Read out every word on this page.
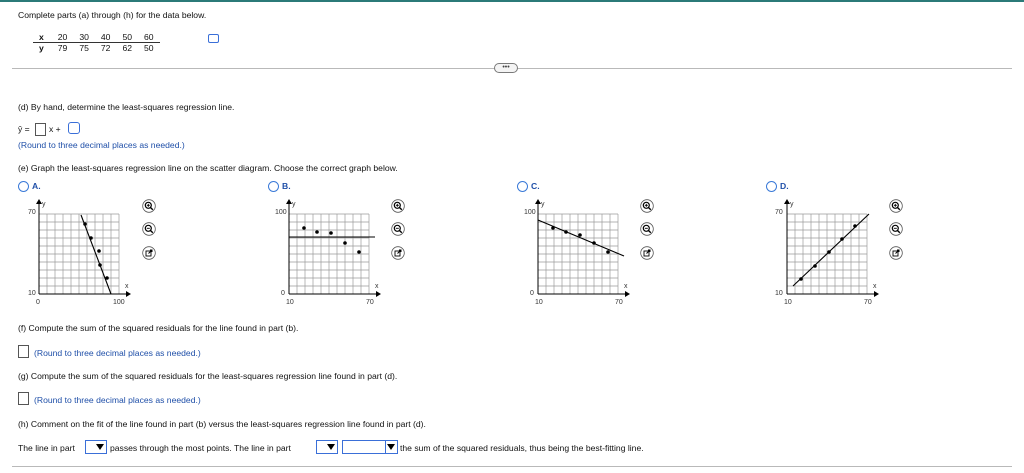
Complete parts (a) through (h) for the data below.
x	20	30	40	50	60
y	79	75	72	62	50
•••
(d) By hand, determine the least-squares regression line.
ŷ = x +
(Round to three decimal places as needed.)
(e) Graph the least-squares regression line on the scatter diagram. Choose the correct graph below.
A.
70
10
0	100
y
x
B.
100
0
10	70
y
x
C.
100
0
10	70
y
x
D.
70
10
10	70
y
x
(f) Compute the sum of the squared residuals for the line found in part (b).
(Round to three decimal places as needed.)
(g) Compute the sum of the squared residuals for the least-squares regression line found in part (d).
(Round to three decimal places as needed.)
(h) Comment on the fit of the line found in part (b) versus the least-squares regression line found in part (d).
The line in part	passes through the most points. The line in part	the sum of the squared residuals, thus being the best-fitting line.
